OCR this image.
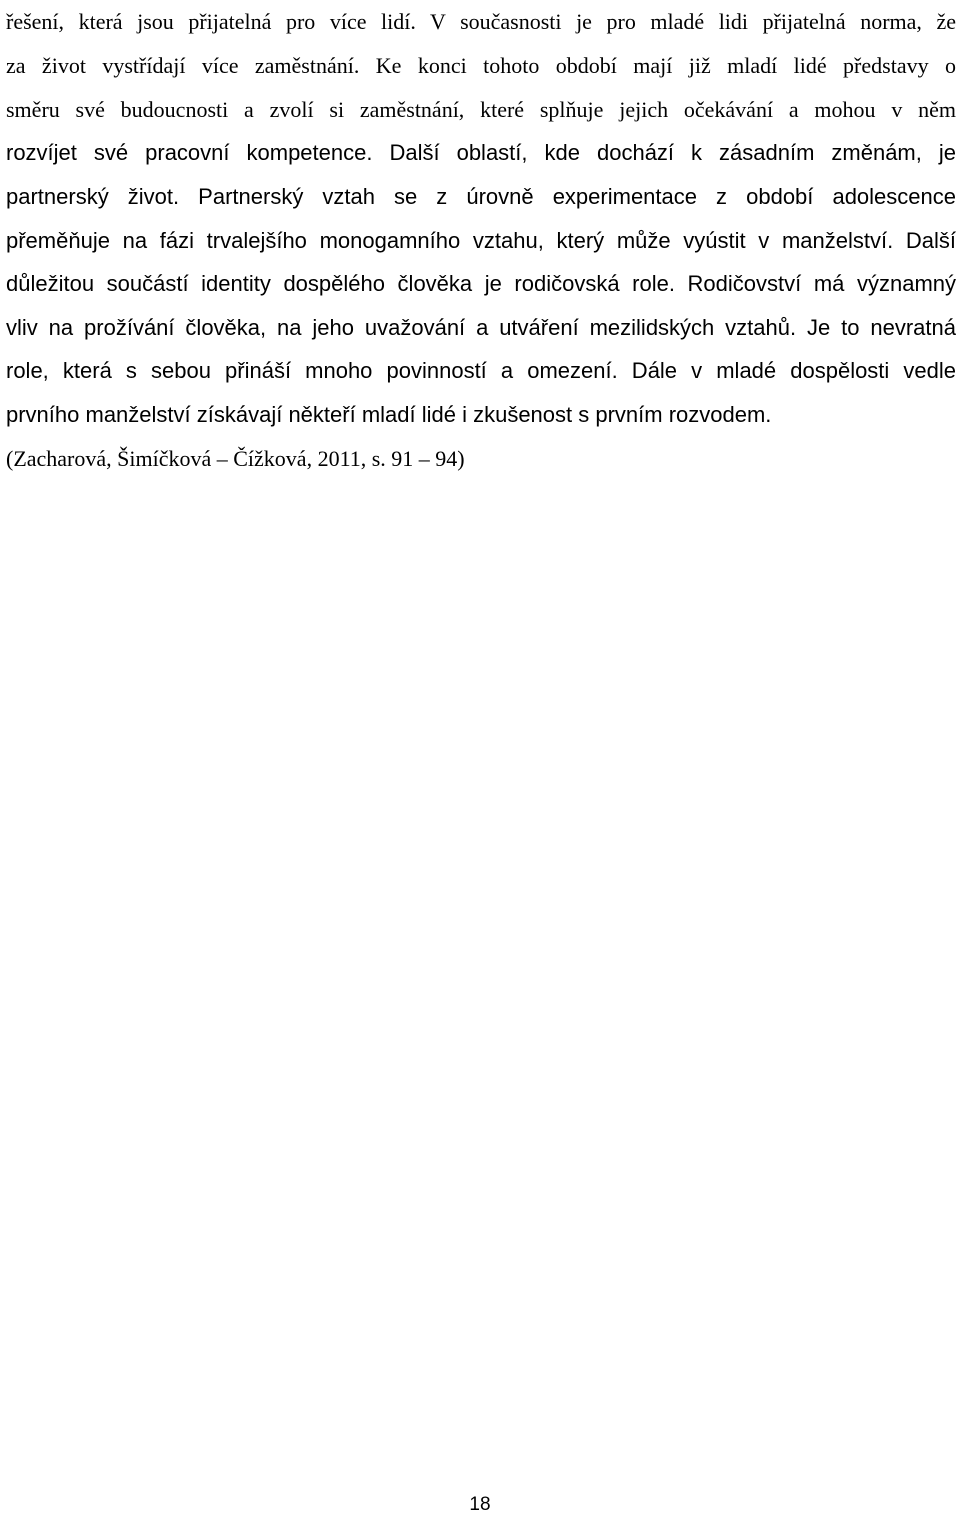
řešení, která jsou přijatelná pro více lidí. V současnosti je pro mladé lidi přijatelná norma, že
za život vystřídají více zaměstnání. Ke konci tohoto období mají již mladí lidé představy o
směru své budoucnosti a zvolí si zaměstnání, které splňuje jejich očekávání a mohou v něm
rozvíjet své pracovní kompetence. Další oblastí, kde dochází k zásadním změnám, je
partnerský život. Partnerský vztah se z úrovně experimentace z období adolescence
přeměňuje na fázi trvalejšího monogamního vztahu, který může vyústit v manželství. Další
důležitou součástí identity dospělého člověka je rodičovská role. Rodičovství má významný
vliv na prožívání člověka, na jeho uvažování a utváření mezilidských vztahů. Je to nevratná
role, která s sebou přináší mnoho povinností a omezení. Dále v mladé dospělosti vedle
prvního manželství získávají někteří mladí lidé i zkušenost s prvním rozvodem.
(Zacharová, Šimíčková – Čížková, 2011, s. 91 – 94)
18
